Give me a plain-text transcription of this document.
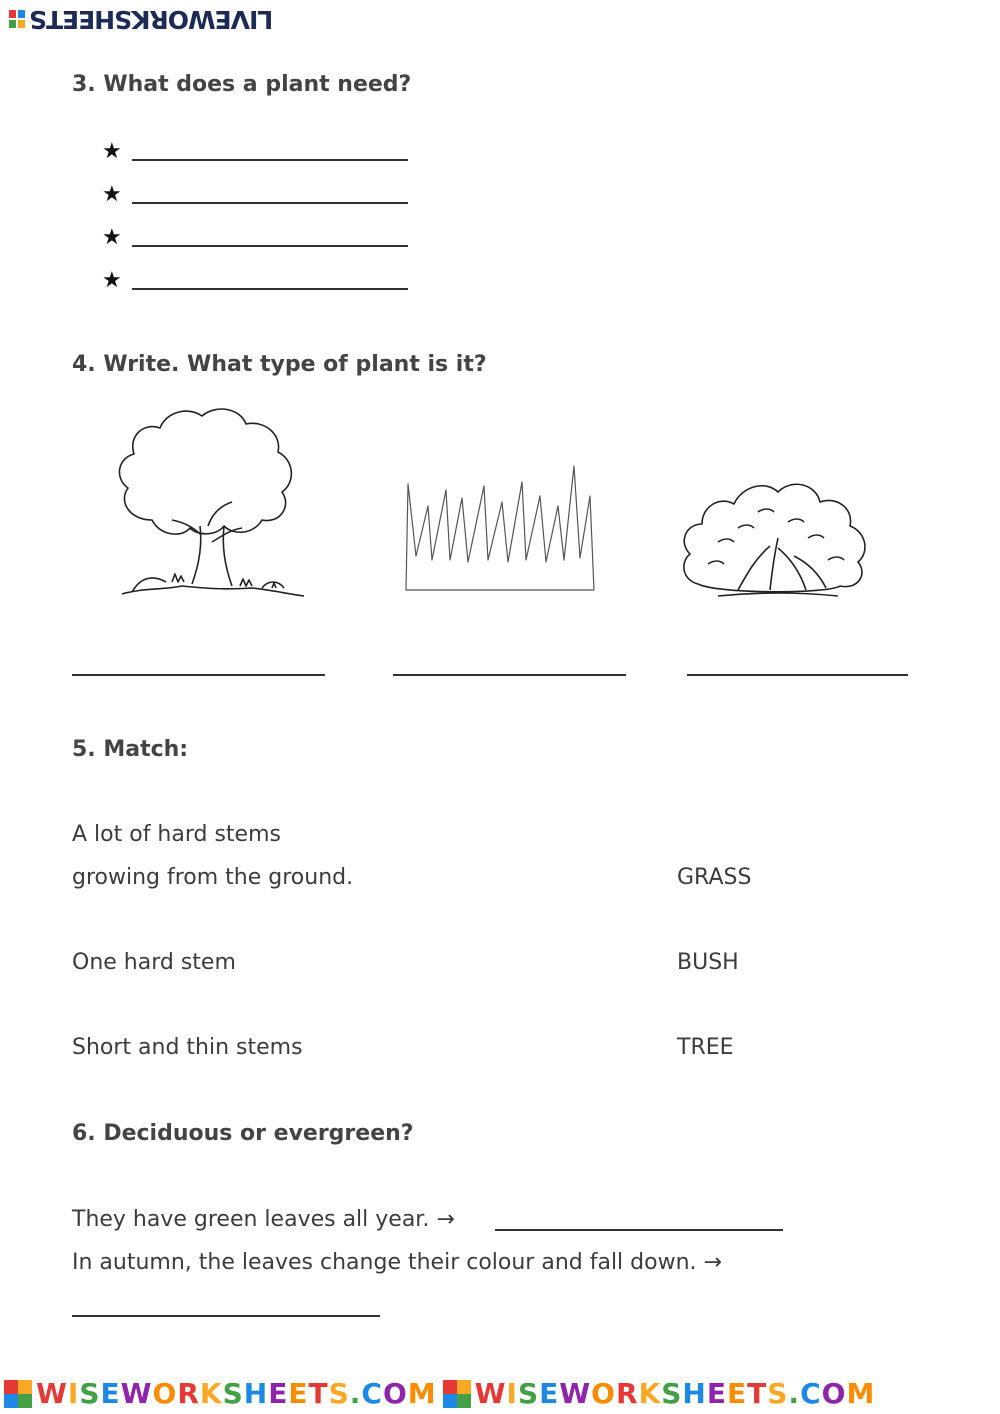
LIVEWORKSHEETS
3. What does a plant need?
★
★
★
★
4. Write. What type of plant is it?
5. Match:
A lot of hard stems
growing from the ground.	GRASS
One hard stem	BUSH
Short and thin stems	TREE
6. Deciduous or evergreen?
They have green leaves all year. →
In autumn, the leaves change their colour and fall down. →
WISEWORKSHEETS.COM WISEWORKSHEETS.COM
